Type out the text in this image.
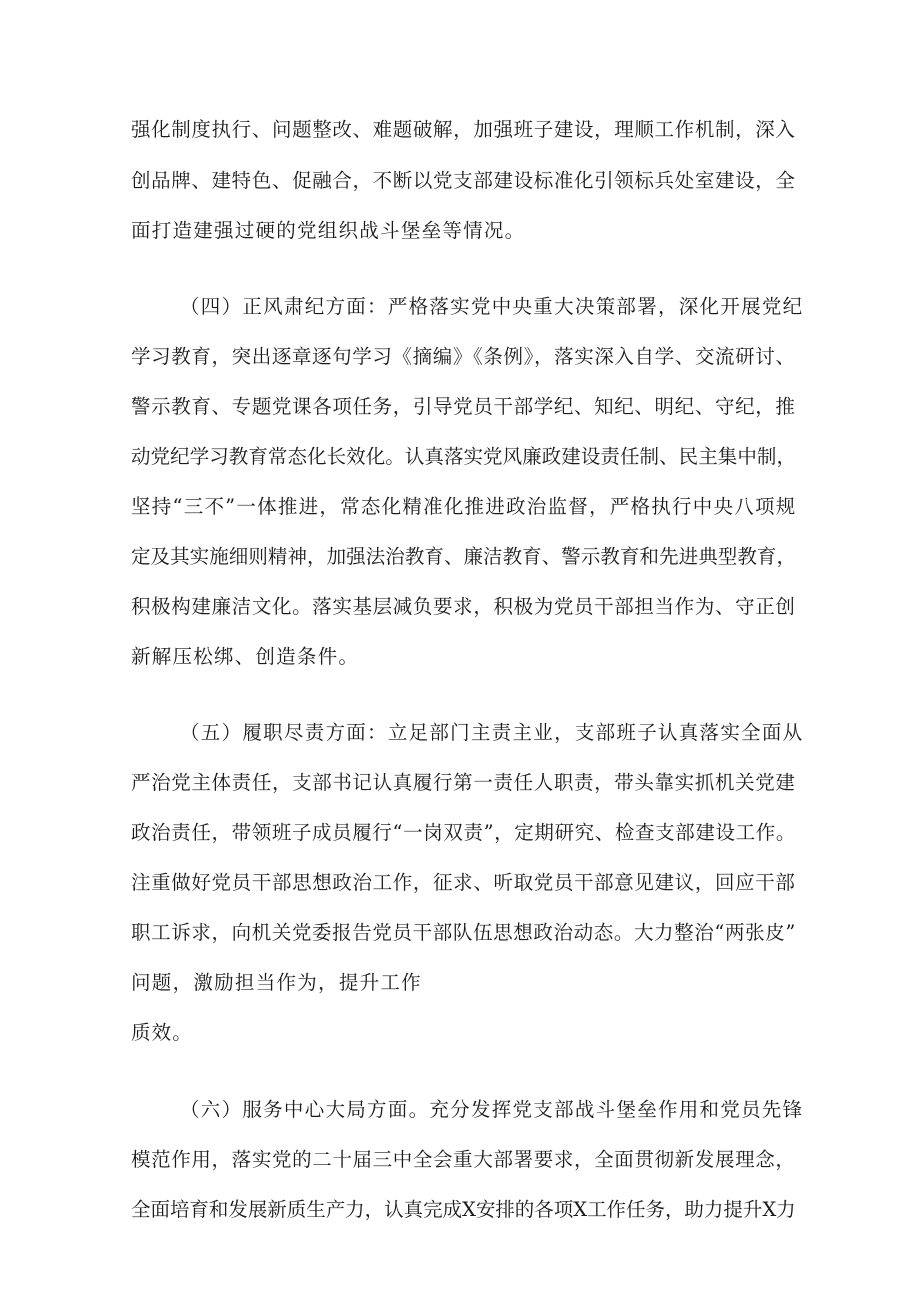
强化制度执行、问题整改、难题破解，加强班子建设，理顺工作机制，深入
创品牌、建特色、促融合，不断以党支部建设标准化引领标兵处室建设，全
面打造建强过硬的党组织战斗堡垒等情况。
（四）正风肃纪方面：严格落实党中央重大决策部署，深化开展党纪
学习教育，突出逐章逐句学习《摘编》《条例》，落实深入自学、交流研讨、
警示教育、专题党课各项任务，引导党员干部学纪、知纪、明纪、守纪，推
动党纪学习教育常态化长效化。认真落实党风廉政建设责任制、民主集中制，
坚持“三不”一体推进，常态化精准化推进政治监督，严格执行中央八项规
定及其实施细则精神，加强法治教育、廉洁教育、警示教育和先进典型教育，
积极构建廉洁文化。落实基层减负要求，积极为党员干部担当作为、守正创
新解压松绑、创造条件。
（五）履职尽责方面：立足部门主责主业，支部班子认真落实全面从
严治党主体责任，支部书记认真履行第一责任人职责，带头靠实抓机关党建
政治责任，带领班子成员履行“一岗双责”，定期研究、检查支部建设工作。
注重做好党员干部思想政治工作，征求、听取党员干部意见建议，回应干部
职工诉求，向机关党委报告党员干部队伍思想政治动态。大力整治“两张皮”
问题，激励担当作为，提升工作
质效。
（六）服务中心大局方面。充分发挥党支部战斗堡垒作用和党员先锋
模范作用，落实党的二十届三中全会重大部署要求，全面贯彻新发展理念，
全面培育和发展新质生产力，认真完成X安排的各项X工作任务，助力提升X力
